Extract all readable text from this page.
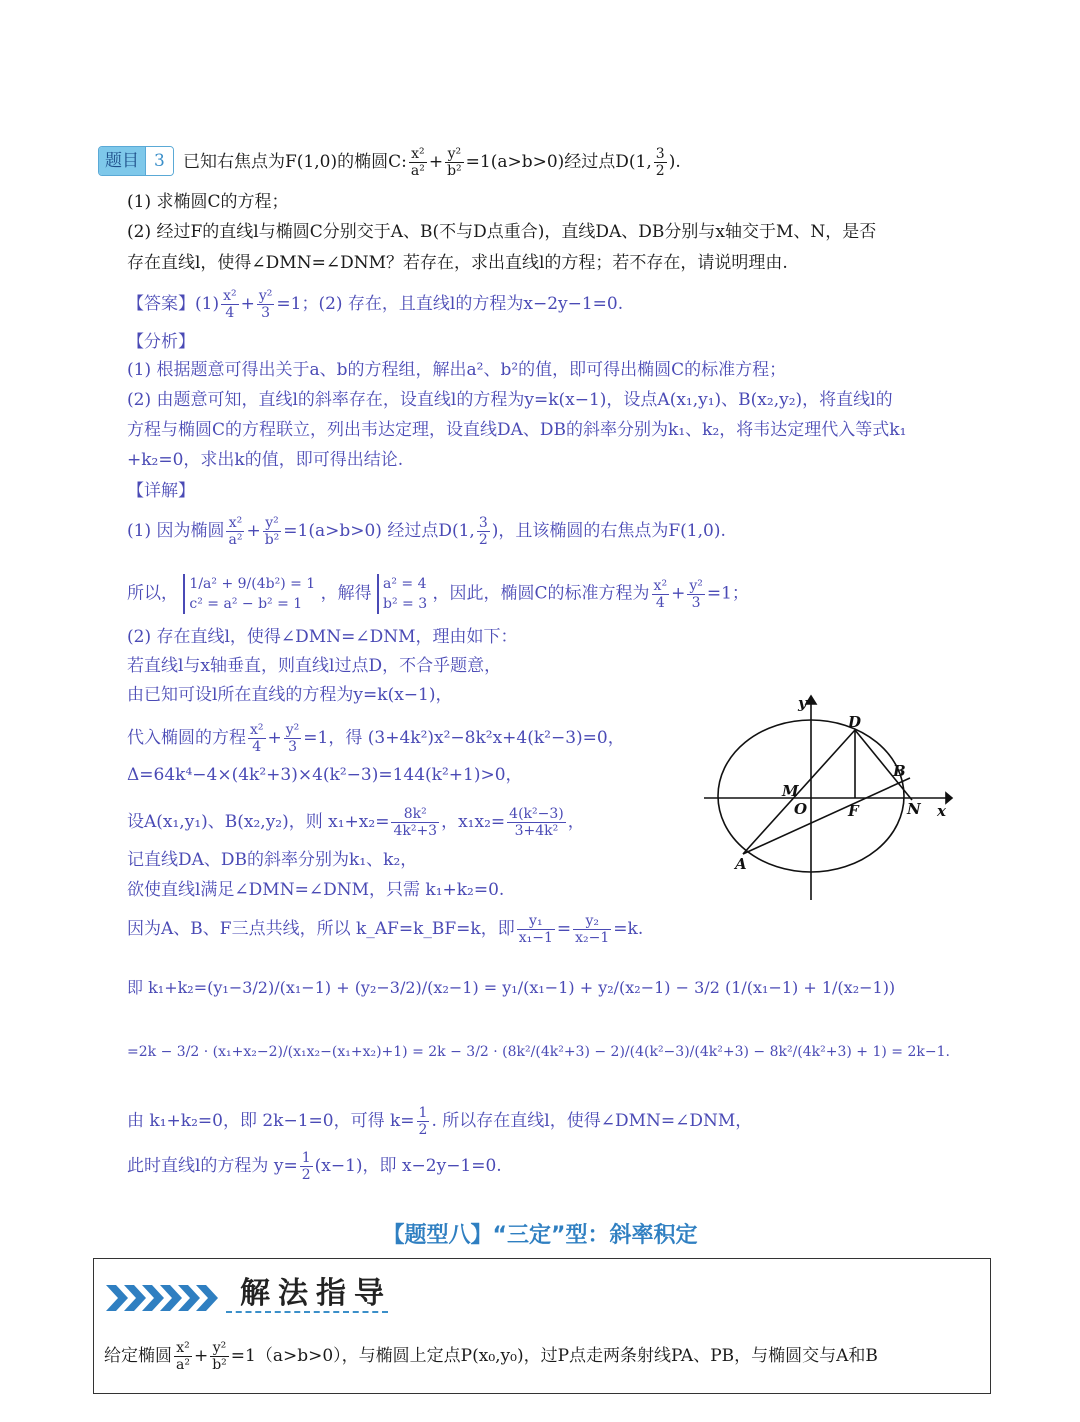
题目 3	已知右焦点为F(1,0)的椭圆C: $\frac{\text{x²}}{\text{a²}} + \frac{\text{y²}}{\text{b²}} =1(a>b>0)$经过点D(1, $\frac{3}{2}$ ).
(1) 求椭圆C的方程；
(2) 经过F的直线l与椭圆C分别交于A、B(不与D点重合)，直线DA、DB分别与x轴交于M、N，是否
存在直线l，使得∠DMN=∠DNM？若存在，求出直线l的方程；若不存在，请说明理由.
【答案】$(1) \frac{\text{x²}}{4} + \frac{\text{y²}}{3} =1$；(2) 存在，且直线l的方程为x−2y−1=0.
【分析】
(1) 根据题意可得出关于a、b的方程组，解出a²、b²的值，即可得出椭圆C的标准方程；
(2) 由题意可知，直线l的斜率存在，设直线l的方程为y=k(x−1)，设点A(x₁,y₁)、B(x₂,y₂)，将直线l的
方程与椭圆C的方程联立，列出韦达定理，设直线DA、DB的斜率分别为k₁、k₂，将韦达定理代入等式k₁
+k₂=0，求出k的值，即可得出结论.
【详解】
(1) 因为椭圆 $\frac{\text{x²}}{\text{a²}} + \frac{\text{y²}}{\text{b²}} =1(a>b>0)$ 经过点D(1, $\frac{3}{2}$ )，且该椭圆的右焦点为F(1,0).
所以， 1/a² + 9/(4b²) = 1
c² = a² − b² = 1
，解得 a² = 4
b² = 3
，因此，椭圆C的标准方程为 $\frac{\text{x²}}{4} + \frac{\text{y²}}{3} =1$；
(2) 存在直线l，使得∠DMN=∠DNM，理由如下：
若直线l与x轴垂直，则直线l过点D，不合乎题意，
由已知可设l所在直线的方程为y=k(x−1)，
代入椭圆的方程 $\frac{\text{x²}}{4} + \frac{\text{y²}}{3} =1$，得 (3+4k²)x²−8k²x+4(k²−3)=0，
Δ=64k⁴−4×(4k²+3)×4(k²−3)=144(k²+1)>0，
设A(x₁,y₁)、B(x₂,y₂)，则 $x_1+x_2= \frac{\text{8k²}}{\text{4k²+3}}$ ，$x_1x_2= \frac{\text{4(k²−3)}}{\text{3+4k²}}$ ，
记直线DA、DB的斜率分别为k₁、k₂，
欲使直线l满足∠DMN=∠DNM，只需 k₁+k₂=0.
因为A、B、F三点共线，所以 k_AF=k_BF=k，即 $\frac{\text{y₁}}{\text{x₁−1}} = \frac{\text{y₂}}{\text{x₂−1}} =k$.
即 k₁+k₂=(y₁−3/2)/(x₁−1) + (y₂−3/2)/(x₂−1) = y₁/(x₁−1) + y₂/(x₂−1) − 3/2 (1/(x₁−1) + 1/(x₂−1))
=2k − 3/2 · (x₁+x₂−2)/(x₁x₂−(x₁+x₂)+1) = 2k − 3/2 · (8k²/(4k²+3) − 2)/(4(k²−3)/(4k²+3) − 8k²/(4k²+3) + 1) = 2k−1.
由 k₁+k₂=0，即 2k−1=0，可得 $k= \frac{1}{2}$ . 所以存在直线l，使得∠DMN=∠DNM，
此时直线l的方程为 $y= \frac{1}{2} (x-1)$，即 x−2y−1=0.
y
x
D
B
M
O	F	N
A
【题型八】“三定”型：斜率积定
解法指导
给定椭圆 $\frac{\text{x²}}{\text{a²}} + \frac{\text{y²}}{\text{b²}} =1(a>b>0)$，与椭圆上定点P(x₀,y₀)，过P点走两条射线PA、PB，与椭圆交与A和B
